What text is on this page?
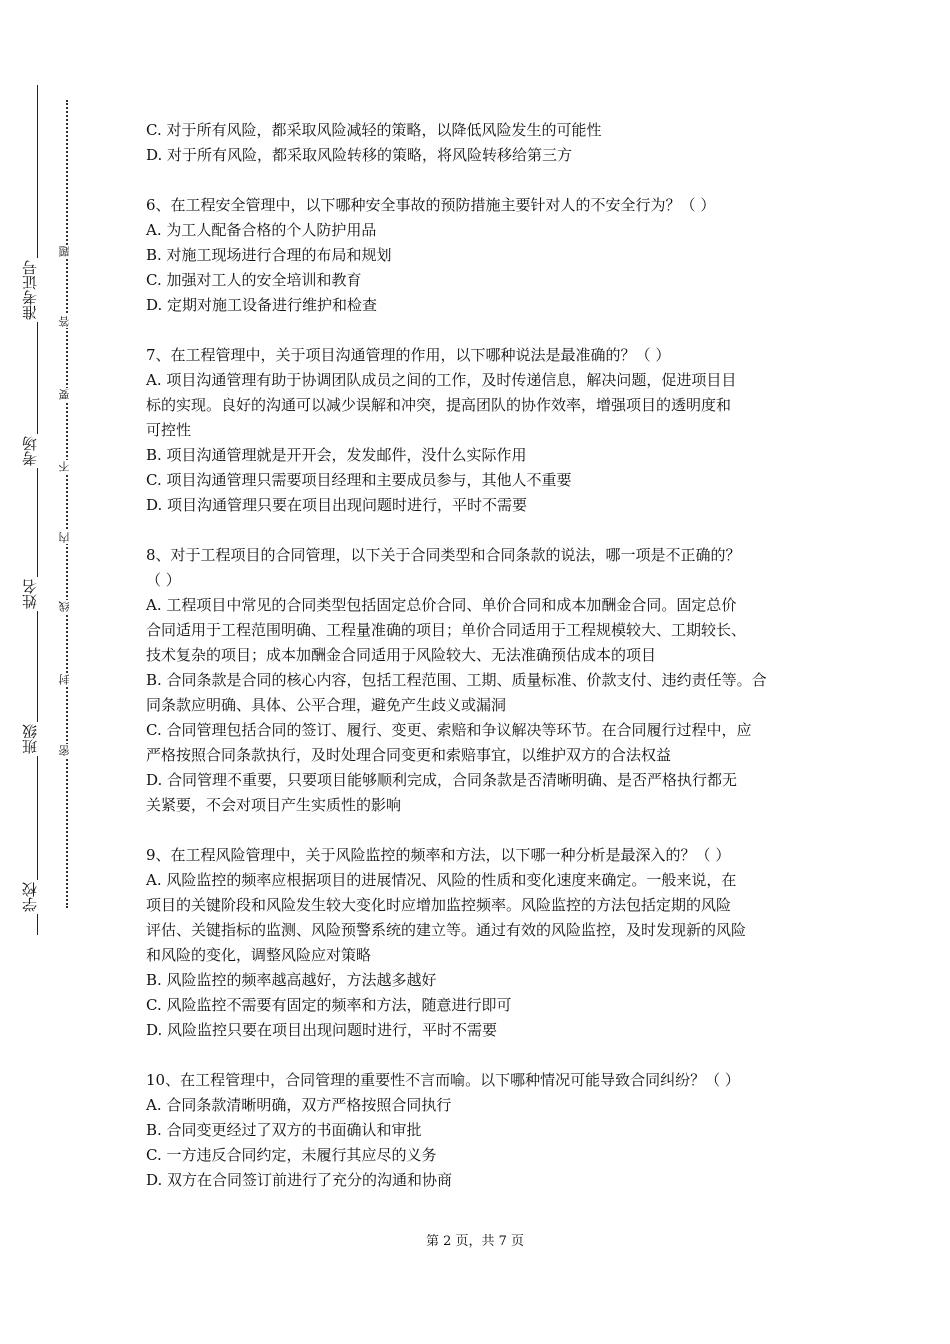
准考证号
考场
姓名
班级
学校
题
答
要
不
内
线
封
密

C. 对于所有风险，都采取风险减轻的策略，以降低风险发生的可能性

D. 对于所有风险，都采取风险转移的策略，将风险转移给第三方

6、在工程安全管理中，以下哪种安全事故的预防措施主要针对人的不安全行为？（ ）

A. 为工人配备合格的个人防护用品

B. 对施工现场进行合理的布局和规划

C. 加强对工人的安全培训和教育

D. 定期对施工设备进行维护和检查

7、在工程管理中，关于项目沟通管理的作用，以下哪种说法是最准确的？（ ）

A. 项目沟通管理有助于协调团队成员之间的工作，及时传递信息，解决问题，促进项目目

标的实现。良好的沟通可以减少误解和冲突，提高团队的协作效率，增强项目的透明度和

可控性

B. 项目沟通管理就是开开会，发发邮件，没什么实际作用

C. 项目沟通管理只需要项目经理和主要成员参与，其他人不重要

D. 项目沟通管理只要在项目出现问题时进行，平时不需要

8、对于工程项目的合同管理，以下关于合同类型和合同条款的说法，哪一项是不正确的？

（ ）

A. 工程项目中常见的合同类型包括固定总价合同、单价合同和成本加酬金合同。固定总价

合同适用于工程范围明确、工程量准确的项目；单价合同适用于工程规模较大、工期较长、

技术复杂的项目；成本加酬金合同适用于风险较大、无法准确预估成本的项目

B. 合同条款是合同的核心内容，包括工程范围、工期、质量标准、价款支付、违约责任等。合

同条款应明确、具体、公平合理，避免产生歧义或漏洞

C. 合同管理包括合同的签订、履行、变更、索赔和争议解决等环节。在合同履行过程中，应

严格按照合同条款执行，及时处理合同变更和索赔事宜，以维护双方的合法权益

D. 合同管理不重要，只要项目能够顺利完成，合同条款是否清晰明确、是否严格执行都无

关紧要，不会对项目产生实质性的影响

9、在工程风险管理中，关于风险监控的频率和方法，以下哪一种分析是最深入的？（ ）

A. 风险监控的频率应根据项目的进展情况、风险的性质和变化速度来确定。一般来说，在

项目的关键阶段和风险发生较大变化时应增加监控频率。风险监控的方法包括定期的风险

评估、关键指标的监测、风险预警系统的建立等。通过有效的风险监控，及时发现新的风险

和风险的变化，调整风险应对策略

B. 风险监控的频率越高越好，方法越多越好

C. 风险监控不需要有固定的频率和方法，随意进行即可

D. 风险监控只要在项目出现问题时进行，平时不需要

10、在工程管理中，合同管理的重要性不言而喻。以下哪种情况可能导致合同纠纷？（ ）

A. 合同条款清晰明确，双方严格按照合同执行

B. 合同变更经过了双方的书面确认和审批

C. 一方违反合同约定，未履行其应尽的义务

D. 双方在合同签订前进行了充分的沟通和协商

第 2 页，共 7 页
